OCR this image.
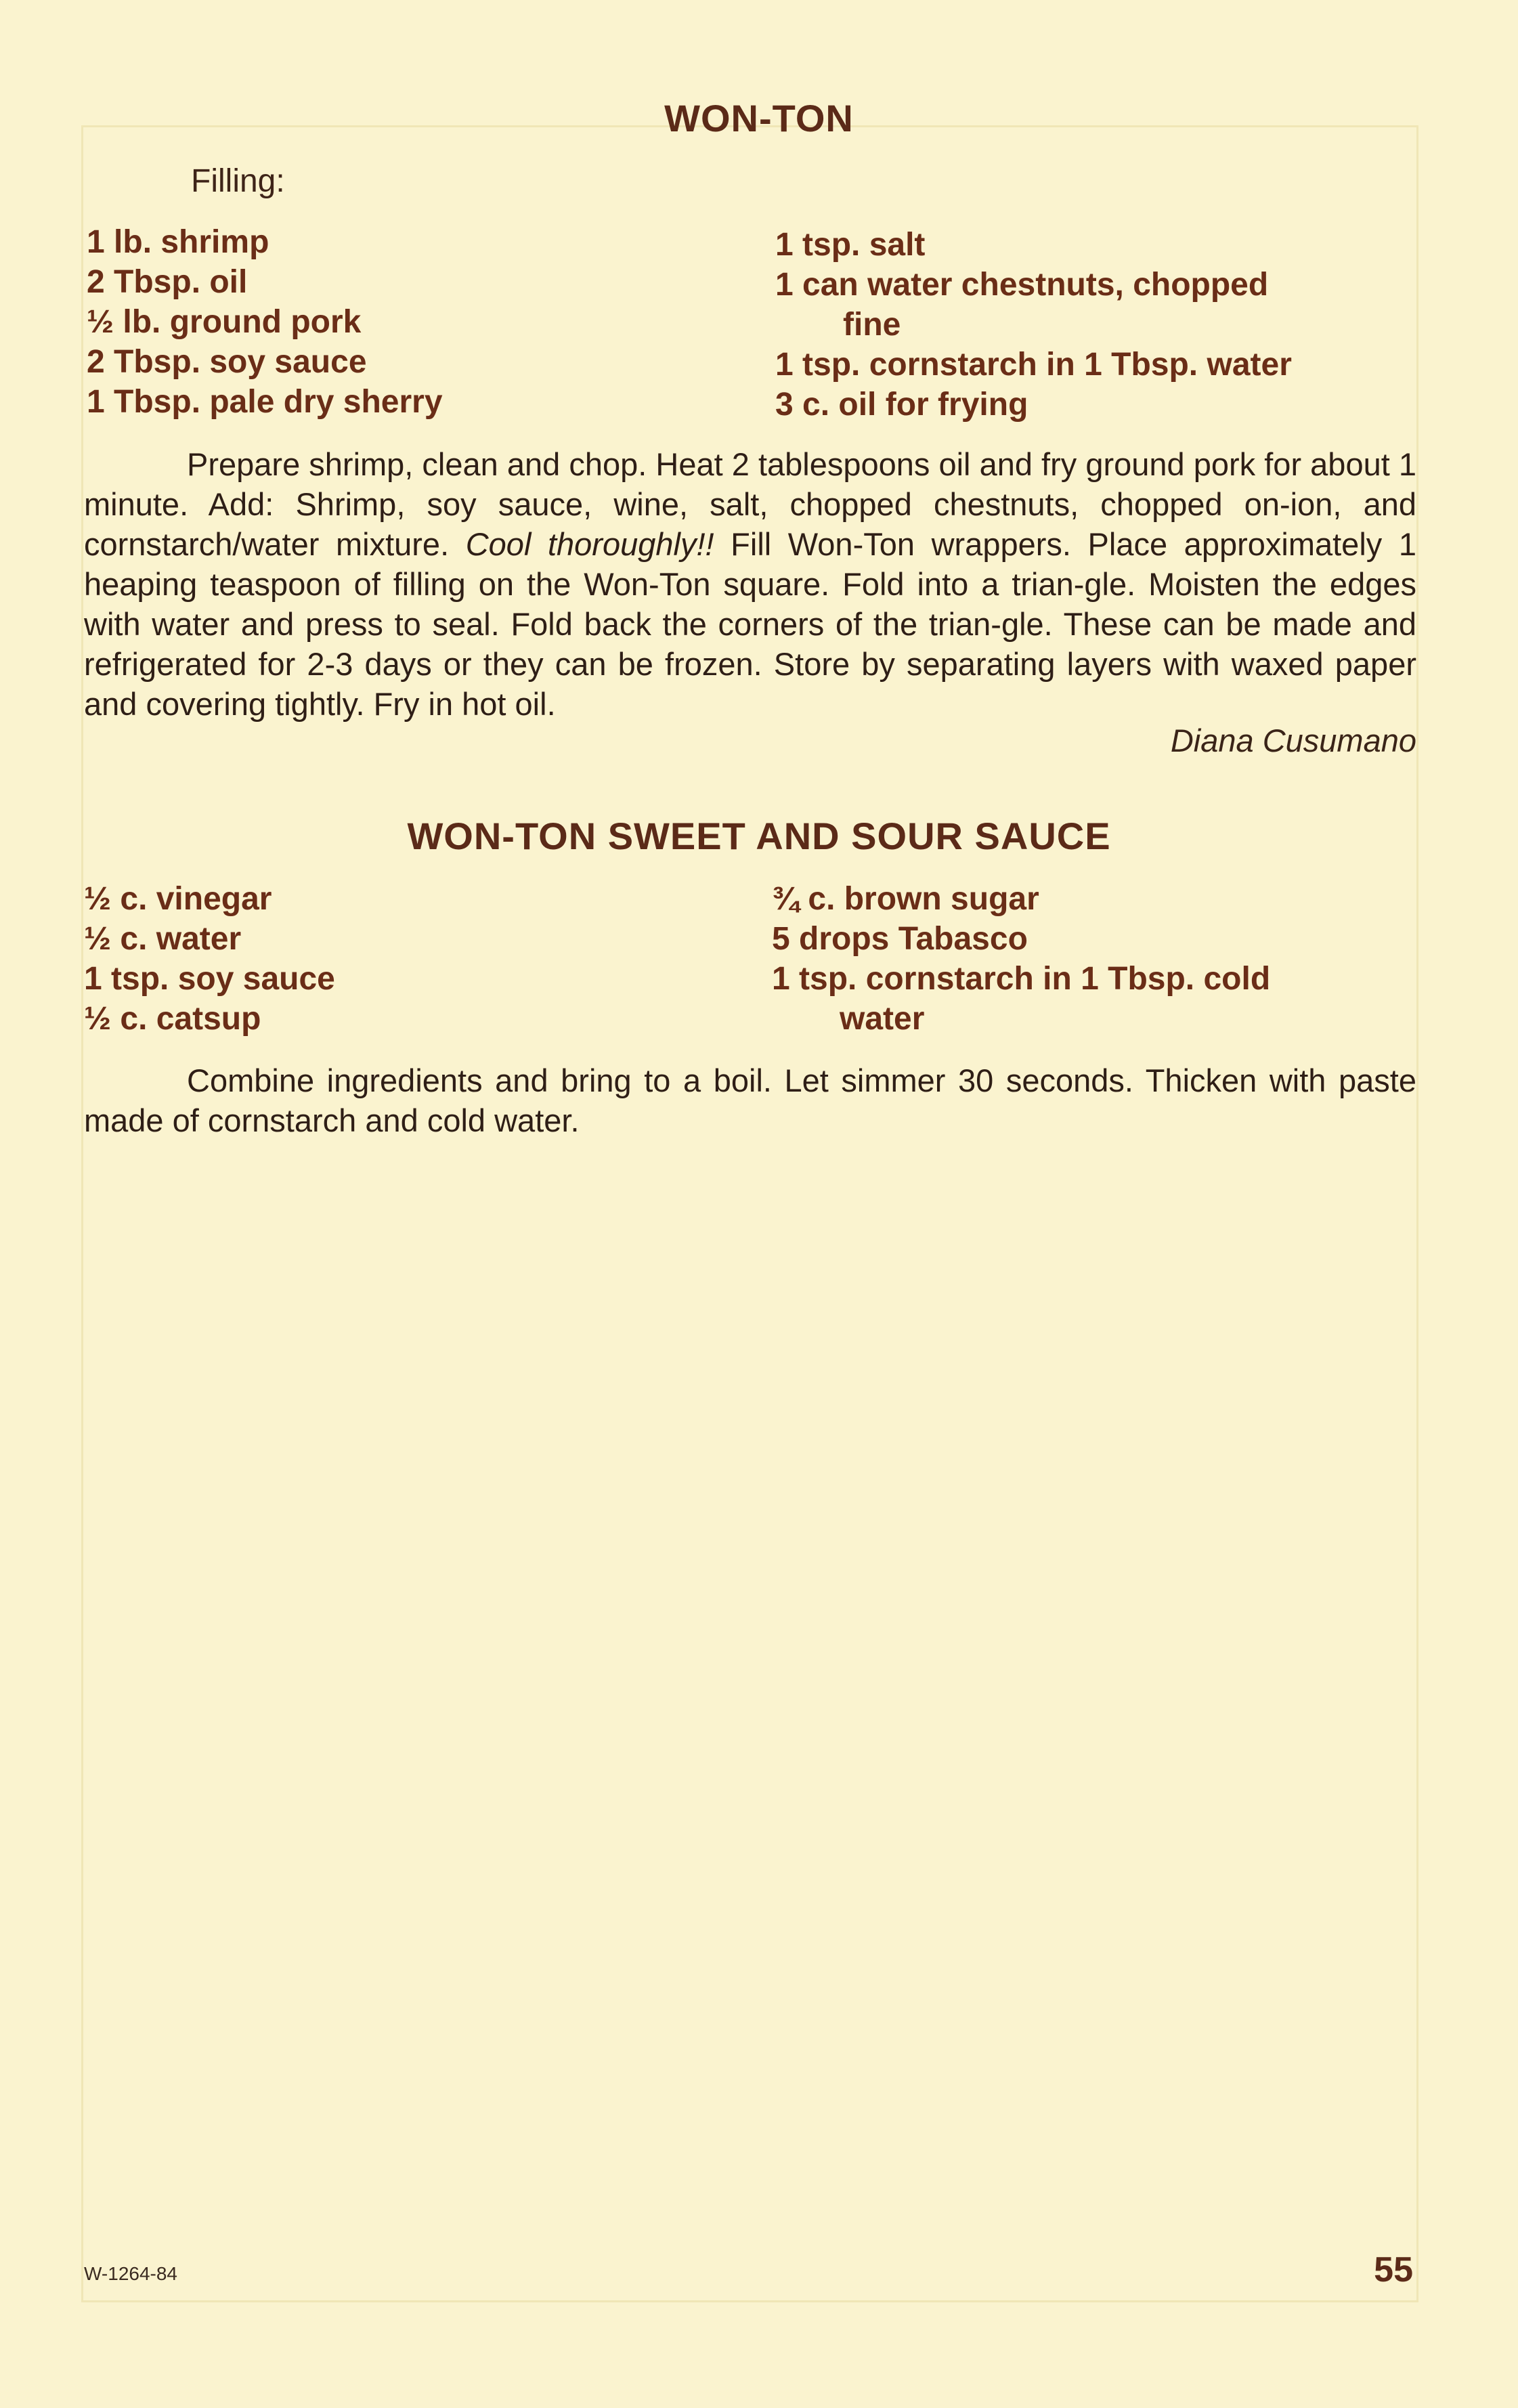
WON-TON
Filling:
1 lb. shrimp
2 Tbsp. oil
½ lb. ground pork
2 Tbsp. soy sauce
1 Tbsp. pale dry sherry
1 tsp. salt
1 can water chestnuts, chopped
fine
1 tsp. cornstarch in 1 Tbsp. water
3 c. oil for frying

Prepare shrimp, clean and chop. Heat 2 tablespoons oil and fry ground pork for about 1 minute. Add: Shrimp, soy sauce, wine, salt, chopped chestnuts, chopped on-ion, and cornstarch/water mixture. Cool thoroughly!! Fill Won-Ton wrappers. Place approximately 1 heaping teaspoon of filling on the Won-Ton square. Fold into a trian-gle. Moisten the edges with water and press to seal. Fold back the corners of the trian-gle. These can be made and refrigerated for 2-3 days or they can be frozen. Store by separating layers with waxed paper and covering tightly. Fry in hot oil.

Diana Cusumano
WON-TON SWEET AND SOUR SAUCE
½ c. vinegar
½ c. water
1 tsp. soy sauce
½ c. catsup
¾ c. brown sugar
5 drops Tabasco
1 tsp. cornstarch in 1 Tbsp. cold
water

Combine ingredients and bring to a boil. Let simmer 30 seconds. Thicken with paste made of cornstarch and cold water.

W-1264-84	55
